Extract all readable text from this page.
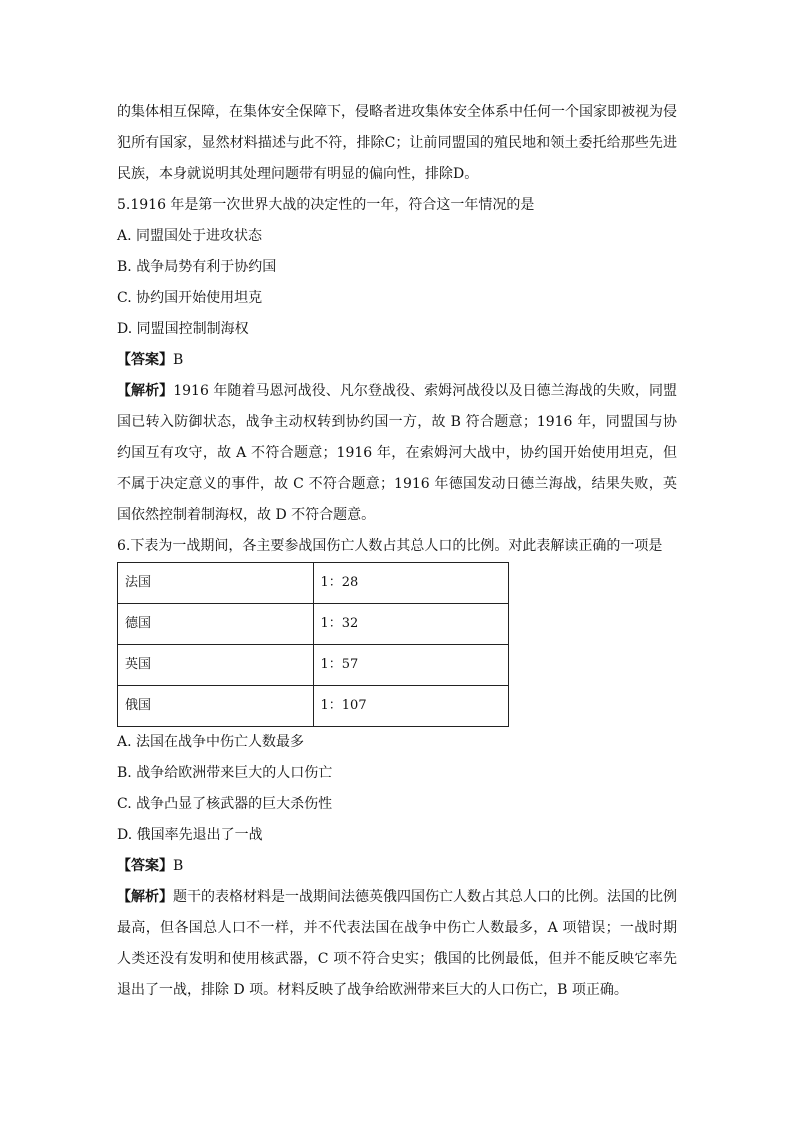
的集体相互保障，在集体安全保障下，侵略者进攻集体安全体系中任何一个国家即被视为侵犯所有国家，显然材料描述与此不符，排除C；让前同盟国的殖民地和领土委托给那些先进民族，本身就说明其处理问题带有明显的偏向性，排除D。

5.1916 年是第一次世界大战的决定性的一年，符合这一年情况的是

A. 同盟国处于进攻状态

B. 战争局势有利于协约国

C. 协约国开始使用坦克

D. 同盟国控制制海权

【答案】B

【解析】1916 年随着马恩河战役、凡尔登战役、索姆河战役以及日德兰海战的失败，同盟国已转入防御状态，战争主动权转到协约国一方，故 B 符合题意；1916 年，同盟国与协约国互有攻守，故 A 不符合题意；1916 年，在索姆河大战中，协约国开始使用坦克，但不属于决定意义的事件，故 C 不符合题意；1916 年德国发动日德兰海战，结果失败，英国依然控制着制海权，故 D 不符合题意。

6.下表为一战期间，各主要参战国伤亡人数占其总人口的比例。对此表解读正确的一项是

法国	1：28
德国	1：32
英国	1：57
俄国	1：107

A. 法国在战争中伤亡人数最多

B. 战争给欧洲带来巨大的人口伤亡

C. 战争凸显了核武器的巨大杀伤性

D. 俄国率先退出了一战

【答案】B

【解析】题干的表格材料是一战期间法德英俄四国伤亡人数占其总人口的比例。法国的比例最高，但各国总人口不一样，并不代表法国在战争中伤亡人数最多，A 项错误；一战时期人类还没有发明和使用核武器，C 项不符合史实；俄国的比例最低，但并不能反映它率先退出了一战，排除 D 项。材料反映了战争给欧洲带来巨大的人口伤亡，B 项正确。
